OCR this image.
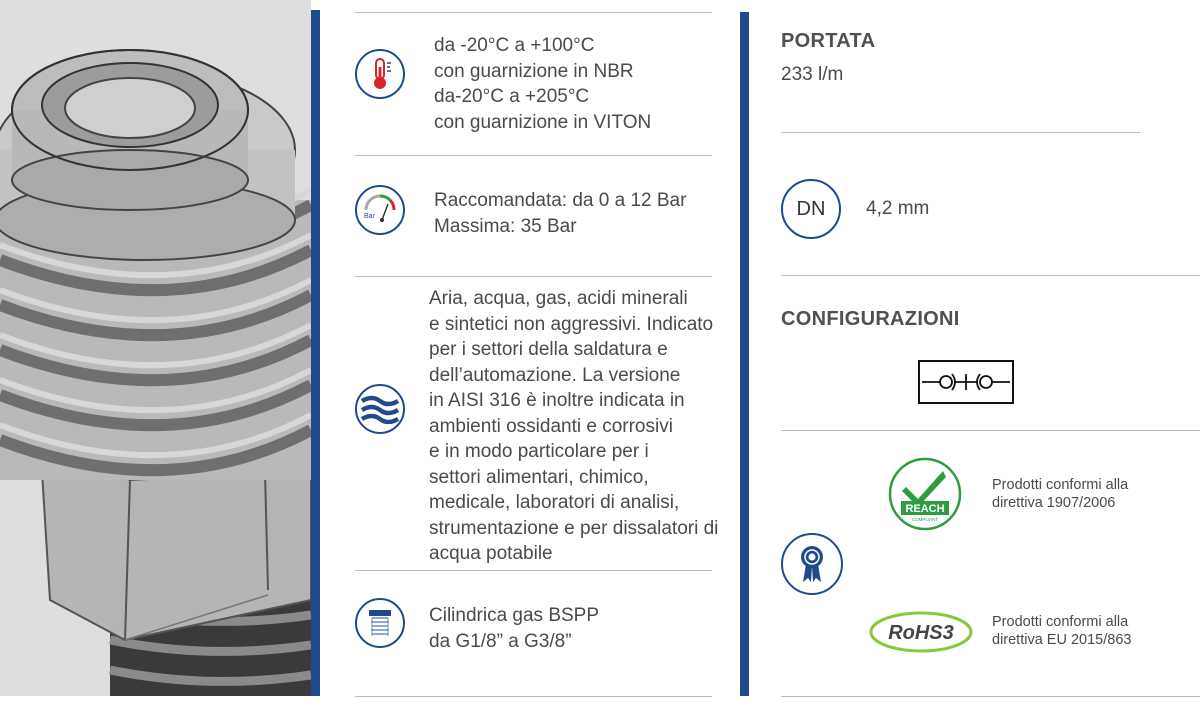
da -20°C a +100°C
con guarnizione in NBR
da-20°C a +205°C
con guarnizione in VITON
Bar
Raccomandata: da 0 a 12 Bar
Massima: 35 Bar
Aria, acqua, gas, acidi minerali
e sintetici non aggressivi. Indicato
per i settori della saldatura e
dell’automazione. La versione
in AISI 316 è inoltre indicata in
ambienti ossidanti e corrosivi
e in modo particolare per i
settori alimentari, chimico,
medicale, laboratori di analisi,
strumentazione e per dissalatori di
acqua potabile
Cilindrica gas BSPP
da G1/8” a G3/8”
PORTATA
233 l/m
DN 4,2 mm
CONFIGURAZIONI
REACH
COMPLIANT
Prodotti conformi alla
direttiva 1907/2006
RoHS3	Prodotti conformi alla
direttiva EU 2015/863
